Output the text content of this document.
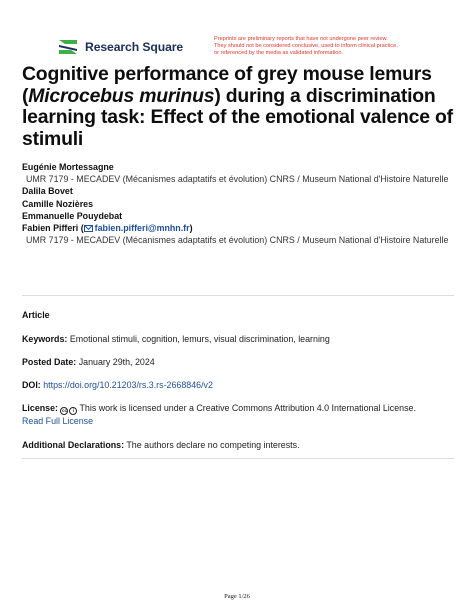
Research Square
Preprints are preliminary reports that have not undergone peer review.
They should not be considered conclusive, used to inform clinical practice,
or referenced by the media as validated information.
Cognitive performance of grey mouse lemurs (Microcebus murinus) during a discrimination learning task: Effect of the emotional valence of stimuli
Eugénie Mortessagne
UMR 7179 - MECADEV (Mécanismes adaptatifs et évolution) CNRS / Museum National d'Histoire Naturelle
Dalila Bovet
Camille Nozières
Emmanuelle Pouydebat
Fabien Pifferi ( fabien.pifferi@mnhn.fr)
UMR 7179 - MECADEV (Mécanismes adaptatifs et évolution) CNRS / Museum National d'Histoire Naturelle
Article
Keywords: Emotional stimuli, cognition, lemurs, visual discrimination, learning
Posted Date: January 29th, 2024
DOI: https://doi.org/10.21203/rs.3.rs-2668846/v2
License: cc	i This work is licensed under a Creative Commons Attribution 4.0 International License.
Read Full License
Additional Declarations: The authors declare no competing interests.
Page 1/26
